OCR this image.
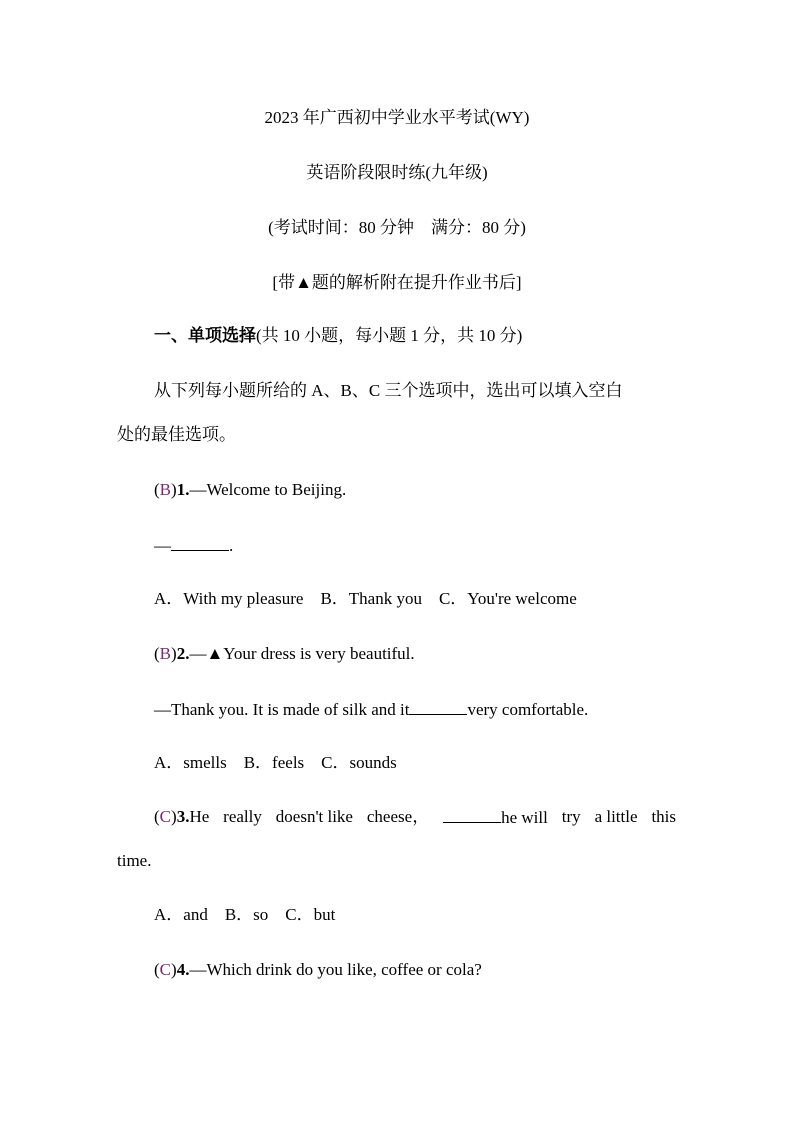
2023 年广西初中学业水平考试(WY)
英语阶段限时练(九年级)
(考试时间：80 分钟　满分：80 分)
[带▲题的解析附在提升作业书后]
一、单项选择(共 10 小题，每小题 1 分，共 10 分)
从下列每小题所给的 A、B、C 三个选项中，选出可以填入空白
处的最佳选项。
(B)1.—Welcome to Beijing.
—	.
A．With my pleasure　B．Thank you　C．You're welcome
(B)2.—▲Your dress is very beautiful.
—Thank you. It is made of silk and it	very comfortable.
A．smells　B．feels　C．sounds
(C)3.He really doesn't like cheese，	he will try a little this
time.
A．and　B．so　C．but
(C)4.—Which drink do you like, coffee or cola?
